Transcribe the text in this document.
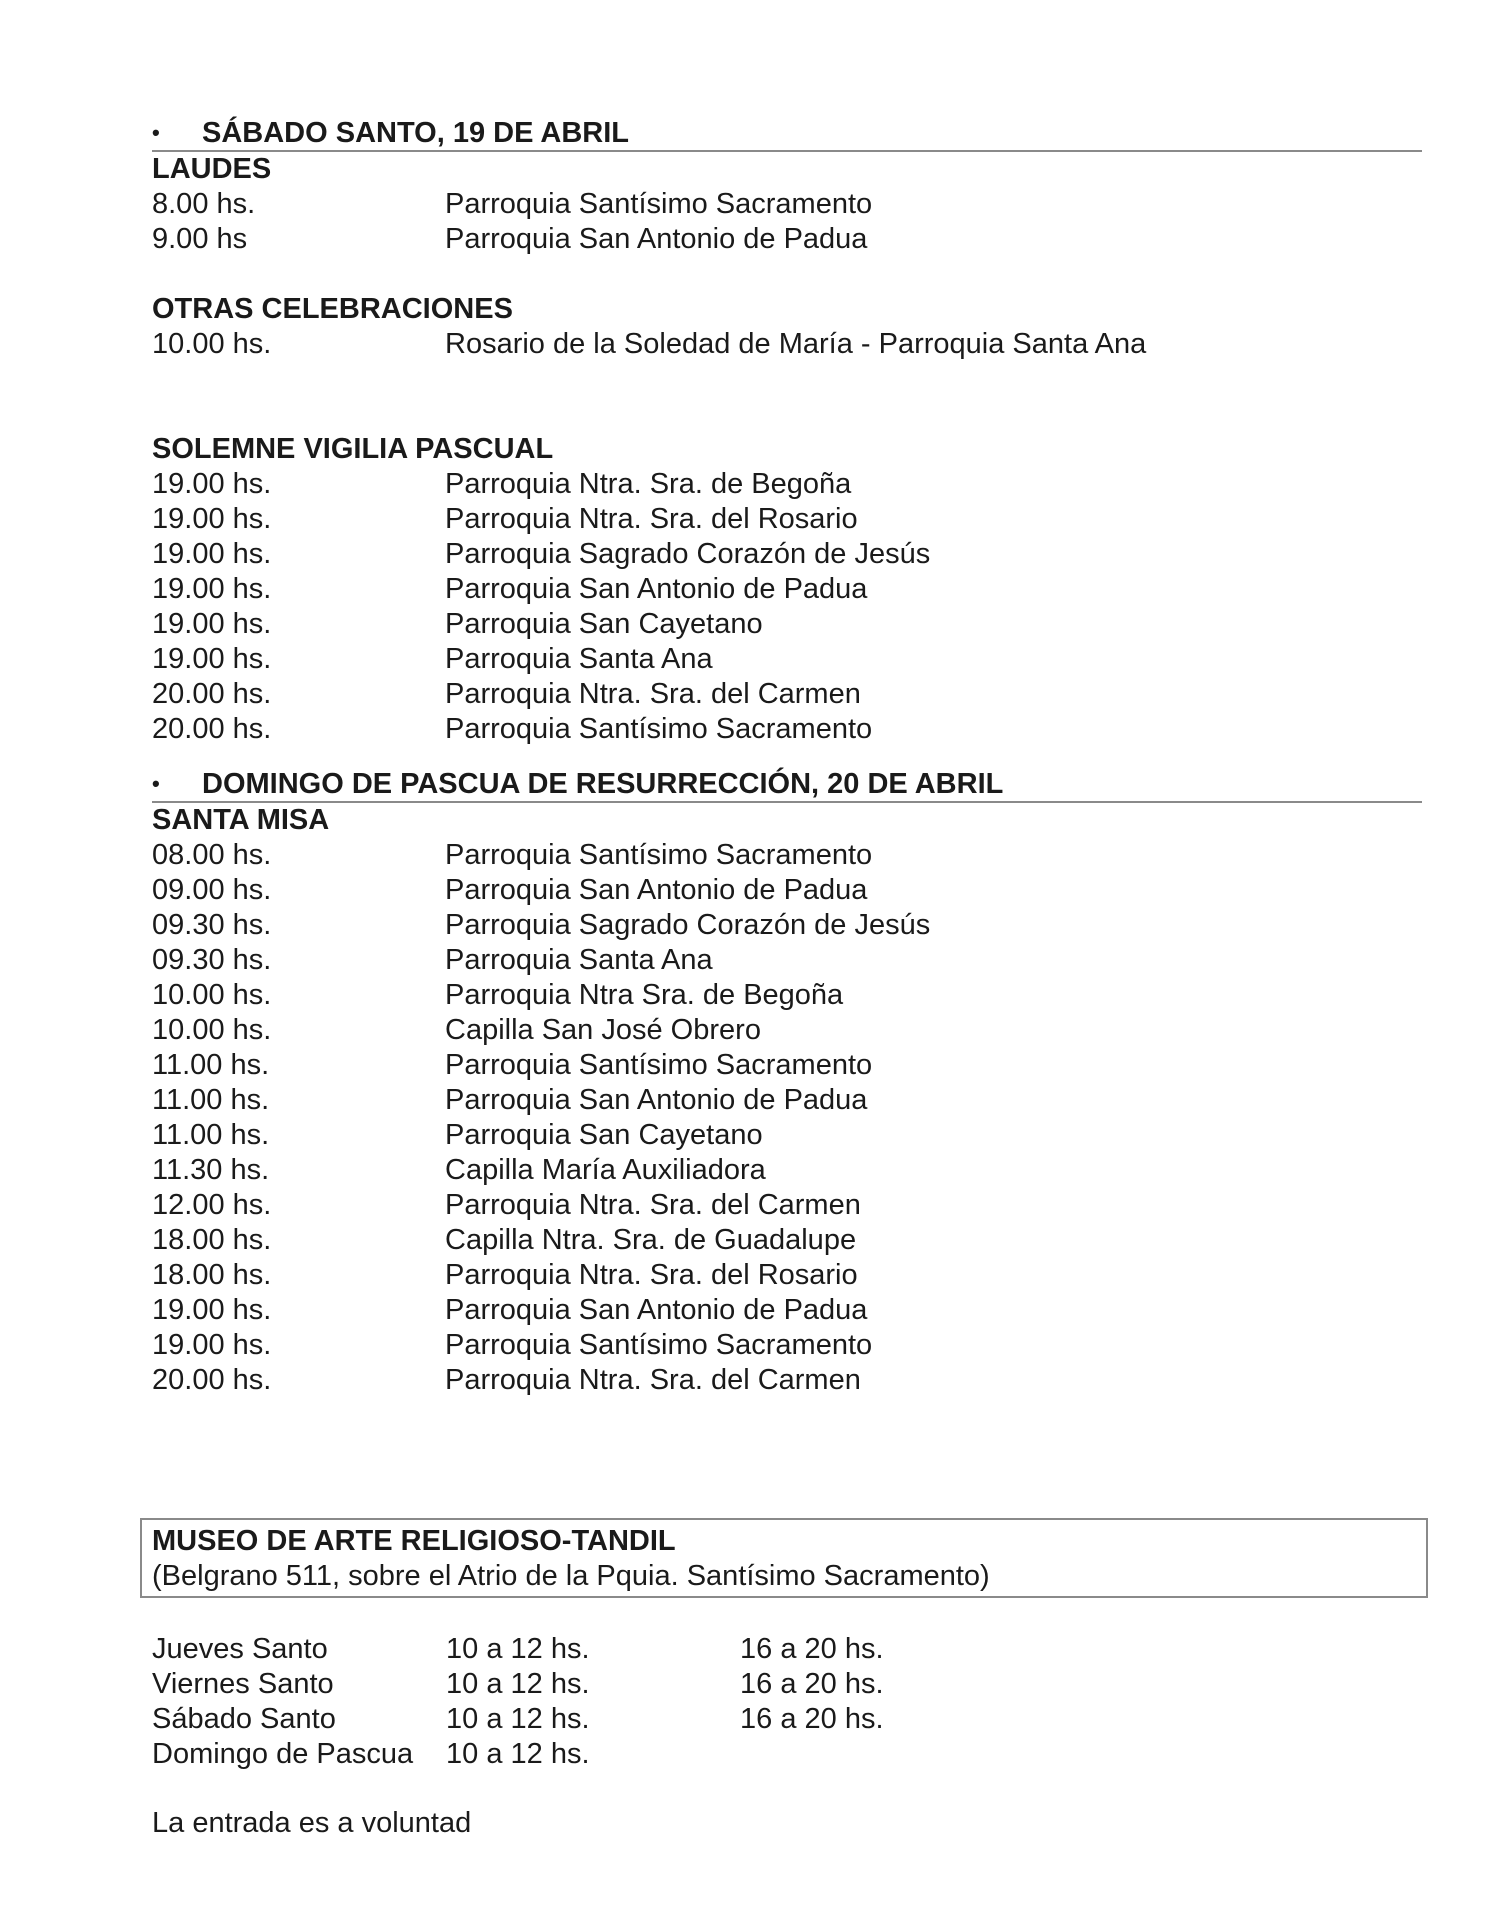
•	SÁBADO SANTO, 19 DE ABRIL
LAUDES
8.00 hs.	Parroquia Santísimo Sacramento
9.00 hs	Parroquia San Antonio de Padua
OTRAS CELEBRACIONES
10.00 hs.	Rosario de la Soledad de María - Parroquia Santa Ana
SOLEMNE VIGILIA PASCUAL
19.00 hs.	Parroquia Ntra. Sra. de Begoña
19.00 hs.	Parroquia Ntra. Sra. del Rosario
19.00 hs.	Parroquia Sagrado Corazón de Jesús
19.00 hs.	Parroquia San Antonio de Padua
19.00 hs.	Parroquia San Cayetano
19.00 hs.	Parroquia Santa Ana
20.00 hs.	Parroquia Ntra. Sra. del Carmen
20.00 hs.	Parroquia Santísimo Sacramento
•	DOMINGO DE PASCUA DE RESURRECCIÓN, 20 DE ABRIL
SANTA MISA
08.00 hs.	Parroquia Santísimo Sacramento
09.00 hs.	Parroquia San Antonio de Padua
09.30 hs.	Parroquia Sagrado Corazón de Jesús
09.30 hs.	Parroquia Santa Ana
10.00 hs.	Parroquia Ntra Sra. de Begoña
10.00 hs.	Capilla San José Obrero
11.00 hs.	Parroquia Santísimo Sacramento
11.00 hs.	Parroquia San Antonio de Padua
11.00 hs.	Parroquia San Cayetano
11.30 hs.	Capilla María Auxiliadora
12.00 hs.	Parroquia Ntra. Sra. del Carmen
18.00 hs.	Capilla Ntra. Sra. de Guadalupe
18.00 hs.	Parroquia Ntra. Sra. del Rosario
19.00 hs.	Parroquia San Antonio de Padua
19.00 hs.	Parroquia Santísimo Sacramento
20.00 hs.	Parroquia Ntra. Sra. del Carmen
MUSEO DE ARTE RELIGIOSO-TANDIL
(Belgrano 511, sobre el Atrio de la Pquia. Santísimo Sacramento)
Jueves Santo	10 a 12 hs.	16 a 20 hs.
Viernes Santo	10 a 12 hs.	16 a 20 hs.
Sábado Santo	10 a 12 hs.	16 a 20 hs.
Domingo de Pascua	10 a 12 hs.
La entrada es a voluntad
